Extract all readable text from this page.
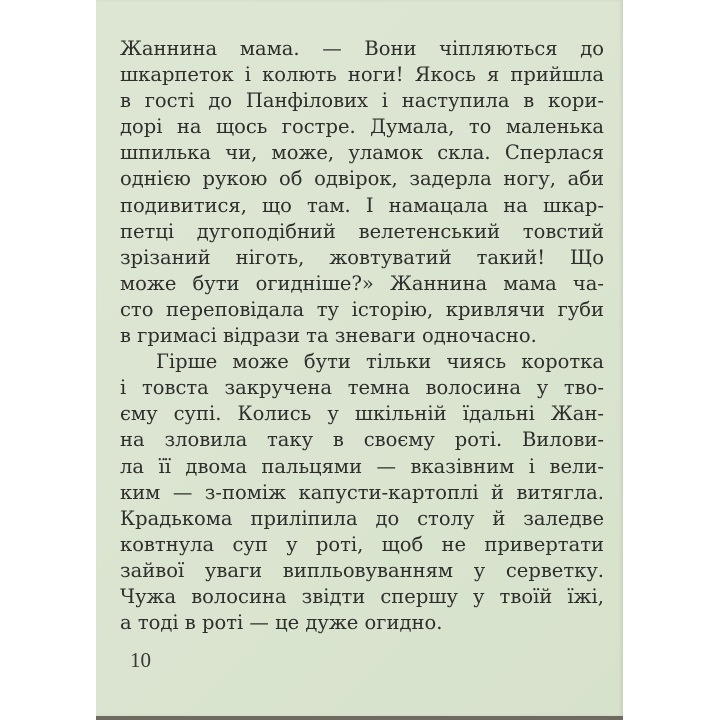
Жаннина мама. — Вони чіпляються до
шкарпеток і колють ноги! Якось я прийшла
в гості до Панфілових і наступила в кори-
дорі на щось гостре. Думала, то маленька
шпилька чи, може, уламок скла. Сперлася
однією рукою об одвірок, задерла ногу, аби
подивитися, що там. І намацала на шкар-
петці дугоподібний велетенський товстий
зрізаний ніготь, жовтуватий такий! Що
може бути огидніше?» Жаннина мама ча-
сто переповідала ту історію, кривлячи губи
в гримасі відрази та зневаги одночасно.
Гірше може бути тільки чиясь коротка
і товста закручена темна волосина у тво-
єму супі. Колись у шкільній їдальні Жан-
на зловила таку в своєму роті. Вилови-
ла її двома пальцями — вказівним і вели-
ким — з-поміж капусти-картоплі й витягла.
Крадькома приліпила до столу й заледве
ковтнула суп у роті, щоб не привертати
зайвої уваги випльовуванням у серветку.
Чужа волосина звідти спершу у твоїй їжі,
а тоді в роті — це дуже огидно.
10
